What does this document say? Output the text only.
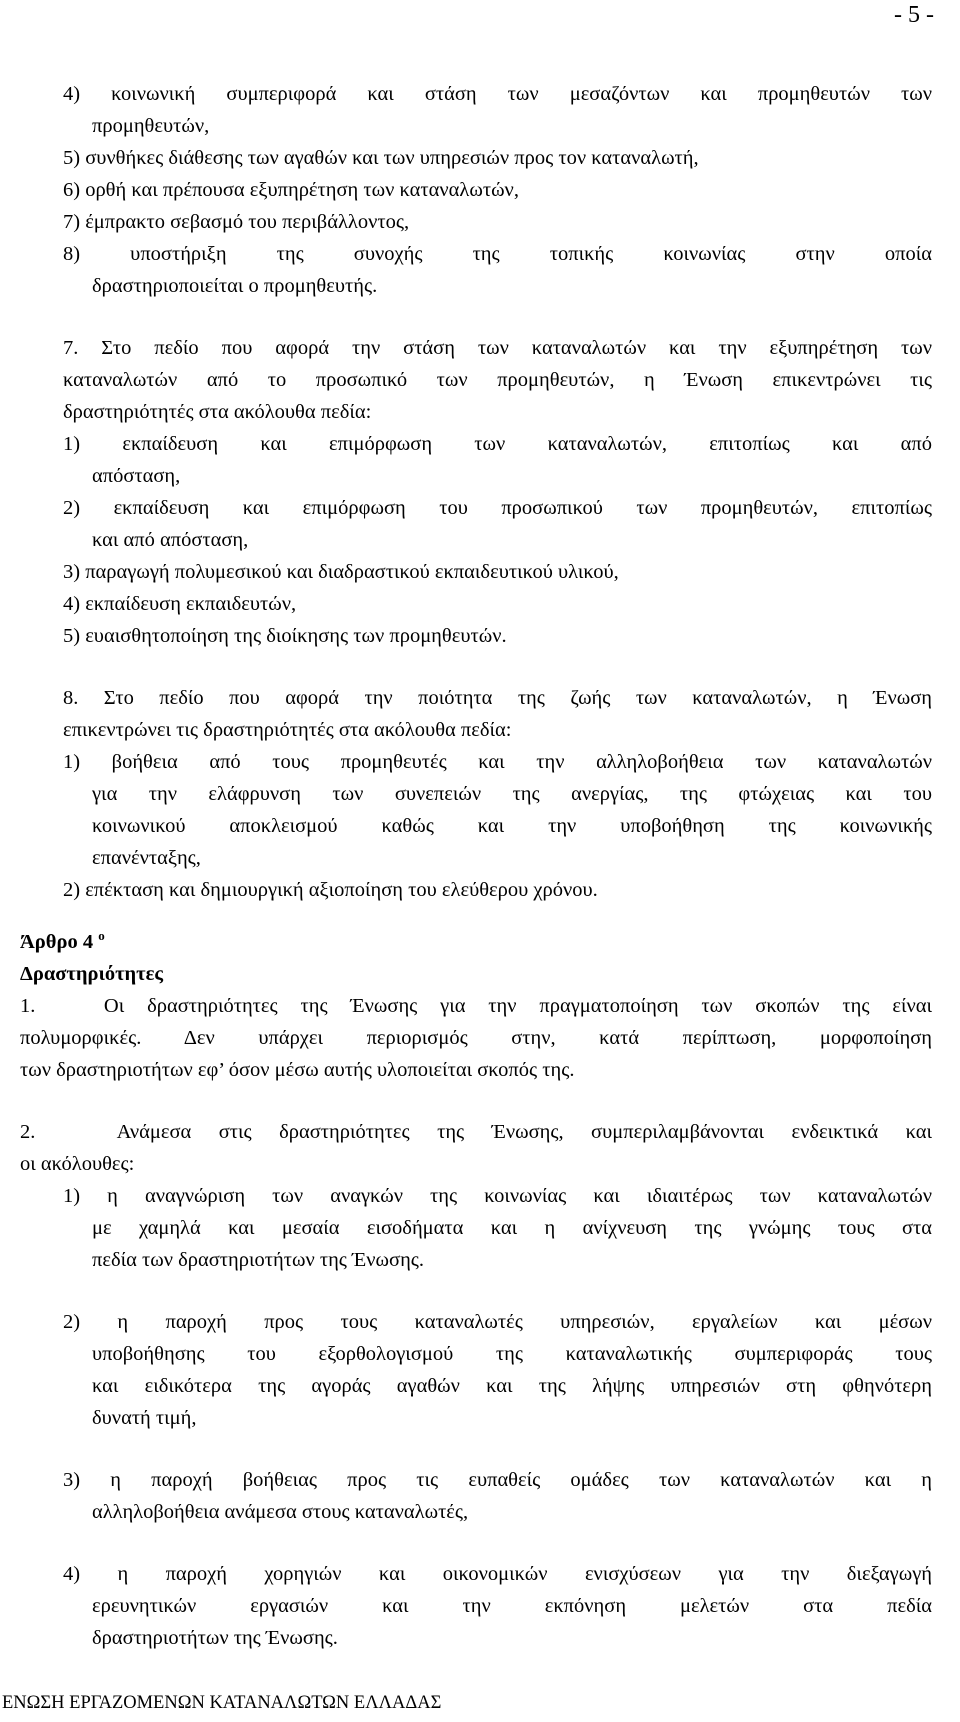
- 5 -
4) κοινωνική συμπεριφορά και στάση των μεσαζόντων και προμηθευτών των
προμηθευτών,
5) συνθήκες διάθεσης των αγαθών και των υπηρεσιών προς τον καταναλωτή,
6) ορθή και πρέπουσα εξυπηρέτηση των καταναλωτών,
7) έμπρακτο σεβασμό του περιβάλλοντος,
8) υποστήριξη της συνοχής της τοπικής κοινωνίας στην οποία
δραστηριοποιείται ο προμηθευτής.
7. Στο πεδίο που αφορά την στάση των καταναλωτών και την εξυπηρέτηση των
καταναλωτών από το προσωπικό των προμηθευτών, η Ένωση επικεντρώνει τις
δραστηριότητές στα ακόλουθα πεδία:
1) εκπαίδευση και επιμόρφωση των καταναλωτών, επιτοπίως και από
απόσταση,
2) εκπαίδευση και επιμόρφωση του προσωπικού των προμηθευτών, επιτοπίως
και από απόσταση,
3) παραγωγή πολυμεσικού και διαδραστικού εκπαιδευτικού υλικού,
4) εκπαίδευση εκπαιδευτών,
5) ευαισθητοποίηση της διοίκησης των προμηθευτών.
8. Στο πεδίο που αφορά την ποιότητα της ζωής των καταναλωτών, η Ένωση
επικεντρώνει τις δραστηριότητές στα ακόλουθα πεδία:
1) βοήθεια από τους προμηθευτές και την αλληλοβοήθεια των καταναλωτών
για την ελάφρυνση των συνεπειών της ανεργίας, της φτώχειας και του
κοινωνικού αποκλεισμού καθώς και την υποβοήθηση της κοινωνικής
επανένταξης,
2) επέκταση και δημιουργική αξιοποίηση του ελεύθερου χρόνου.
Άρθρο 4 $^o$
Δραστηριότητες
1.   Οι δραστηριότητες της Ένωσης για την πραγματοποίηση των σκοπών της είναι
πολυμορφικές. Δεν υπάρχει περιορισμός στην, κατά περίπτωση, μορφοποίηση
των δραστηριοτήτων εφ’ όσον μέσω αυτής υλοποιείται σκοπός της.
2.   Ανάμεσα στις δραστηριότητες της Ένωσης, συμπεριλαμβάνονται ενδεικτικά και
οι ακόλουθες:
1) η αναγνώριση των αναγκών της κοινωνίας και ιδιαιτέρως των καταναλωτών
με χαμηλά και μεσαία εισοδήματα και η ανίχνευση της γνώμης τους στα
πεδία των δραστηριοτήτων της Ένωσης.
2) η παροχή προς τους καταναλωτές υπηρεσιών, εργαλείων και μέσων
υποβοήθησης του εξορθολογισμού της καταναλωτικής συμπεριφοράς τους
και ειδικότερα της αγοράς αγαθών και της λήψης υπηρεσιών στη φθηνότερη
δυνατή τιμή,
3) η παροχή βοήθειας προς τις ευπαθείς ομάδες των καταναλωτών και η
αλληλοβοήθεια ανάμεσα στους καταναλωτές,
4) η παροχή χορηγιών και οικονομικών ενισχύσεων για την διεξαγωγή
ερευνητικών εργασιών και την εκπόνηση μελετών στα πεδία
δραστηριοτήτων της Ένωσης.
ΕΝΩΣΗ ΕΡΓΑΖΟΜΕΝΩΝ ΚΑΤΑΝΑΛΩΤΩΝ ΕΛΛΑΔΑΣ
